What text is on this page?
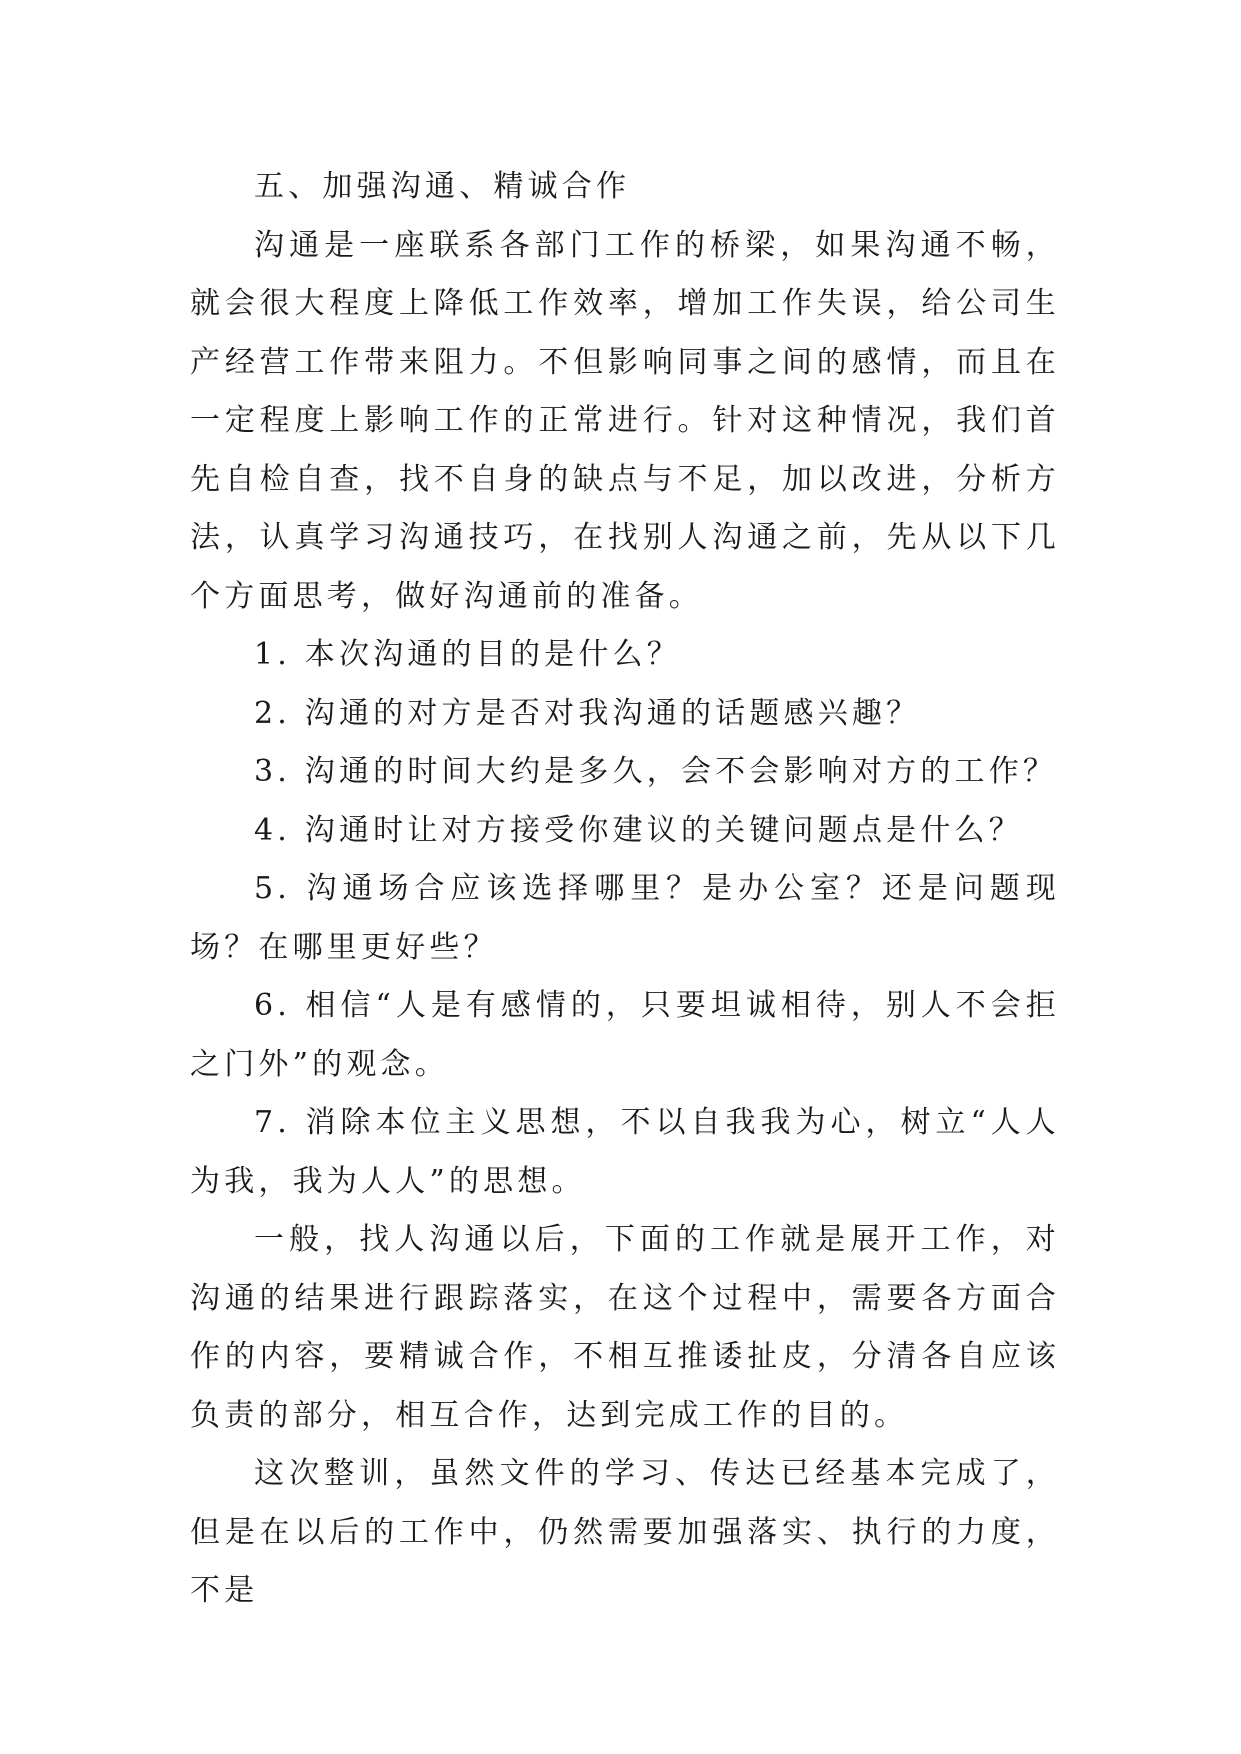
五、加强沟通、精诚合作

沟通是一座联系各部门工作的桥梁，如果沟通不畅，就会很大程度上降低工作效率，增加工作失误，给公司生产经营工作带来阻力。不但影响同事之间的感情，而且在一定程度上影响工作的正常进行。针对这种情况，我们首先自检自查，找不自身的缺点与不足，加以改进，分析方法，认真学习沟通技巧，在找别人沟通之前，先从以下几个方面思考，做好沟通前的准备。

1. 本次沟通的目的是什么？

2. 沟通的对方是否对我沟通的话题感兴趣？

3. 沟通的时间大约是多久，会不会影响对方的工作？

4. 沟通时让对方接受你建议的关键问题点是什么？

5. 沟通场合应该选择哪里？是办公室？还是问题现场？在哪里更好些？

6. 相信“人是有感情的，只要坦诚相待，别人不会拒之门外”的观念。

7. 消除本位主义思想，不以自我我为心，树立“人人为我，我为人人”的思想。

一般，找人沟通以后，下面的工作就是展开工作，对沟通的结果进行跟踪落实，在这个过程中，需要各方面合作的内容，要精诚合作，不相互推诿扯皮，分清各自应该负责的部分，相互合作，达到完成工作的目的。

这次整训，虽然文件的学习、传达已经基本完成了，但是在以后的工作中，仍然需要加强落实、执行的力度，不是
